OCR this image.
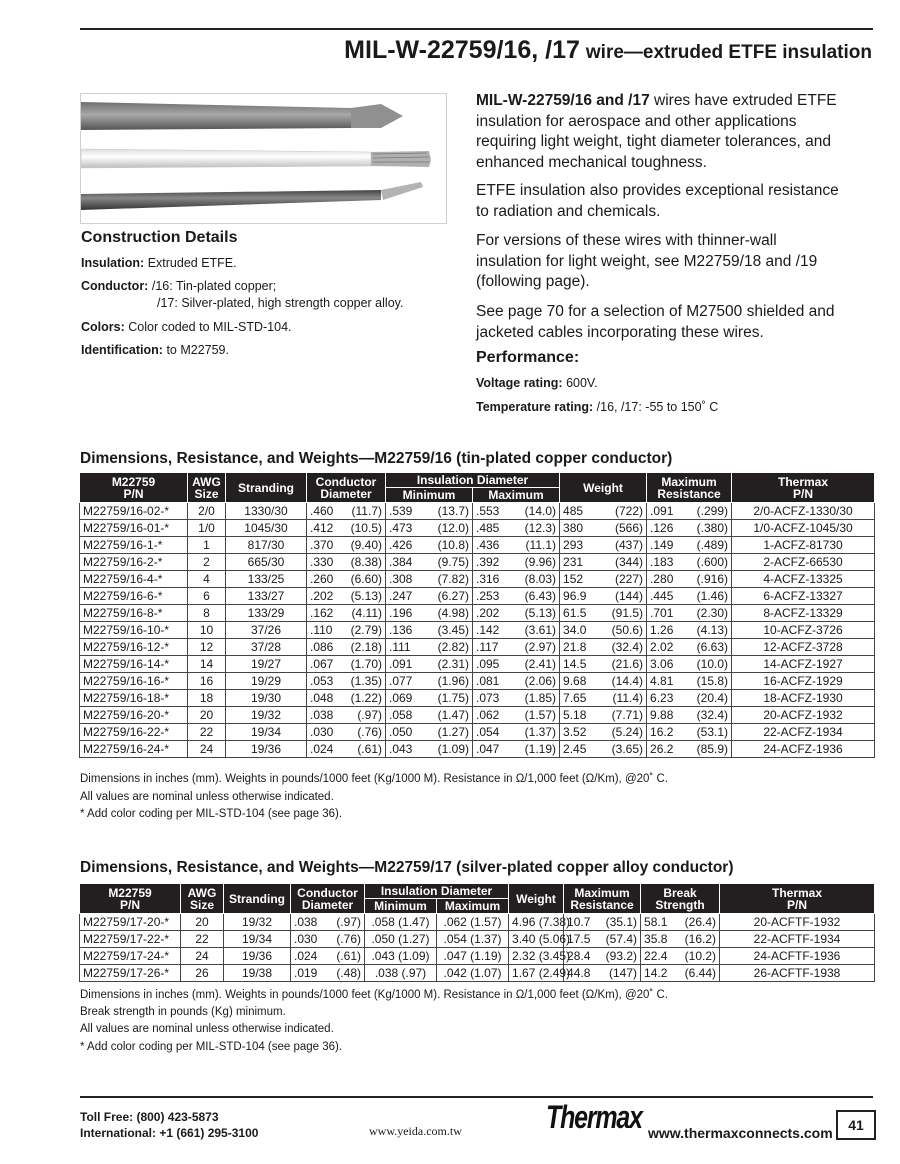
MIL-W-22759/16, /17 wire—extruded ETFE insulation
Construction Details
Insulation: Extruded ETFE.
Conductor: /16: Tin-plated copper;
/17: Silver-plated, high strength copper alloy.
Colors: Color coded to MIL-STD-104.
Identification: to M22759.

MIL-W-22759/16 and /17 wires have extruded ETFE
insulation for aerospace and other applications
requiring light weight, tight diameter tolerances, and
enhanced mechanical toughness.

ETFE insulation also provides exceptional resistance
to radiation and chemicals.

For versions of these wires with thinner-wall
insulation for light weight, see M22759/18 and /19
(following page).

See page 70 for a selection of M27500 shielded and
jacketed cables incorporating these wires.

Performance:
Voltage rating: 600V.
Temperature rating: /16, /17: -55 to 150˚ C
Dimensions, Resistance, and Weights—M22759/16 (tin-plated copper conductor)
M22759
P/N	AWG
Size	Stranding	Conductor
Diameter	Insulation Diameter		Weight	Maximum
Resistance	Thermax
P/N
				Minimum	Maximum			
M22759/16-02-*	2/0	1330/30	.460 (11.7)	.539 (13.7)	.553 (14.0)	485 (722)	.091 (.299)	2/0-ACFZ-1330/30
M22759/16-01-*	1/0	1045/30	.412 (10.5)	.473 (12.0)	.485 (12.3)	380 (566)	.126 (.380)	1/0-ACFZ-1045/30
M22759/16-1-*	1	817/30	.370 (9.40)	.426 (10.8)	.436 (11.1)	293 (437)	.149 (.489)	1-ACFZ-81730
M22759/16-2-*	2	665/30	.330 (8.38)	.384 (9.75)	.392 (9.96)	231 (344)	.183 (.600)	2-ACFZ-66530
M22759/16-4-*	4	133/25	.260 (6.60)	.308 (7.82)	.316 (8.03)	152 (227)	.280 (.916)	4-ACFZ-13325
M22759/16-6-*	6	133/27	.202 (5.13)	.247 (6.27)	.253 (6.43)	96.9 (144)	.445 (1.46)	6-ACFZ-13327
M22759/16-8-*	8	133/29	.162 (4.11)	.196 (4.98)	.202 (5.13)	61.5 (91.5)	.701 (2.30)	8-ACFZ-13329
M22759/16-10-*	10	37/26	.110 (2.79)	.136 (3.45)	.142 (3.61)	34.0 (50.6)	1.26 (4.13)	10-ACFZ-3726
M22759/16-12-*	12	37/28	.086 (2.18)	.111 (2.82)	.117 (2.97)	21.8 (32.4)	2.02 (6.63)	12-ACFZ-3728
M22759/16-14-*	14	19/27	.067 (1.70)	.091 (2.31)	.095 (2.41)	14.5 (21.6)	3.06 (10.0)	14-ACFZ-1927
M22759/16-16-*	16	19/29	.053 (1.35)	.077 (1.96)	.081 (2.06)	9.68 (14.4)	4.81 (15.8)	16-ACFZ-1929
M22759/16-18-*	18	19/30	.048 (1.22)	.069 (1.75)	.073 (1.85)	7.65 (11.4)	6.23 (20.4)	18-ACFZ-1930
M22759/16-20-*	20	19/32	.038 (.97)	.058 (1.47)	.062 (1.57)	5.18 (7.71)	9.88 (32.4)	20-ACFZ-1932
M22759/16-22-*	22	19/34	.030 (.76)	.050 (1.27)	.054 (1.37)	3.52 (5.24)	16.2 (53.1)	22-ACFZ-1934
M22759/16-24-*	24	19/36	.024 (.61)	.043 (1.09)	.047 (1.19)	2.45 (3.65)	26.2 (85.9)	24-ACFZ-1936
Dimensions in inches (mm). Weights in pounds/1000 feet (Kg/1000 M). Resistance in Ω/1,000 feet (Ω/Km), @20˚ C.
All values are nominal unless otherwise indicated.
* Add color coding per MIL-STD-104 (see page 36).
Dimensions, Resistance, and Weights—M22759/17 (silver-plated copper alloy conductor)
M22759
P/N	AWG
Size	Stranding	Conductor
Diameter	Insulation Diameter		Weight	Maximum
Resistance	Break
Strength	Thermax
P/N
				Minimum	Maximum				
M22759/17-20-*	20	19/32	.038 (.97)	.058 (1.47)	.062 (1.57)	4.96 (7.38)	10.7 (35.1)	58.1 (26.4)	20-ACFTF-1932
M22759/17-22-*	22	19/34	.030 (.76)	.050 (1.27)	.054 (1.37)	3.40 (5.06)	17.5 (57.4)	35.8 (16.2)	22-ACFTF-1934
M22759/17-24-*	24	19/36	.024 (.61)	.043 (1.09)	.047 (1.19)	2.32 (3.45)	28.4 (93.2)	22.4 (10.2)	24-ACFTF-1936
M22759/17-26-*	26	19/38	.019 (.48)	.038 (.97)	.042 (1.07)	1.67 (2.49)	44.8 (147)	14.2 (6.44)	26-ACFTF-1938
Dimensions in inches (mm). Weights in pounds/1000 feet (Kg/1000 M). Resistance in Ω/1,000 feet (Ω/Km), @20˚ C.
Break strength in pounds (Kg) minimum.
All values are nominal unless otherwise indicated.
* Add color coding per MIL-STD-104 (see page 36).
Toll Free: (800) 423-5873
International: +1 (661) 295-3100	www.yeida.com.tw	Thermax www.thermaxconnects.com	41
